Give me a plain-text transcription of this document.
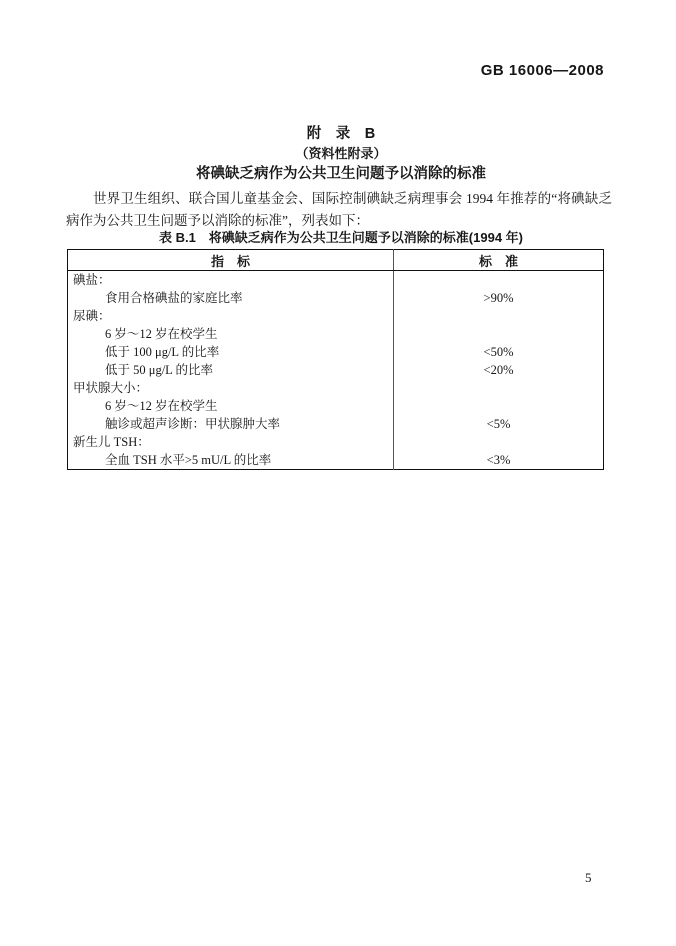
GB 16006—2008
附　录　B
（资料性附录）
将碘缺乏病作为公共卫生问题予以消除的标准

世界卫生组织、联合国儿童基金会、国际控制碘缺乏病理事会 1994 年推荐的“将碘缺乏病作为公共卫生问题予以消除的标准”，列表如下：

表 B.1　将碘缺乏病作为公共卫生问题予以消除的标准(1994 年)
指　标	标　准
碘盐：	
食用合格碘盐的家庭比率	>90%
尿碘：	
6 岁～12 岁在校学生	
低于 100 μg/L 的比率	<50%
低于 50 μg/L 的比率	<20%
甲状腺大小：	
6 岁～12 岁在校学生	
触诊或超声诊断：甲状腺肿大率	<5%
新生儿 TSH：	
全血 TSH 水平>5 mU/L 的比率	<3%
5
